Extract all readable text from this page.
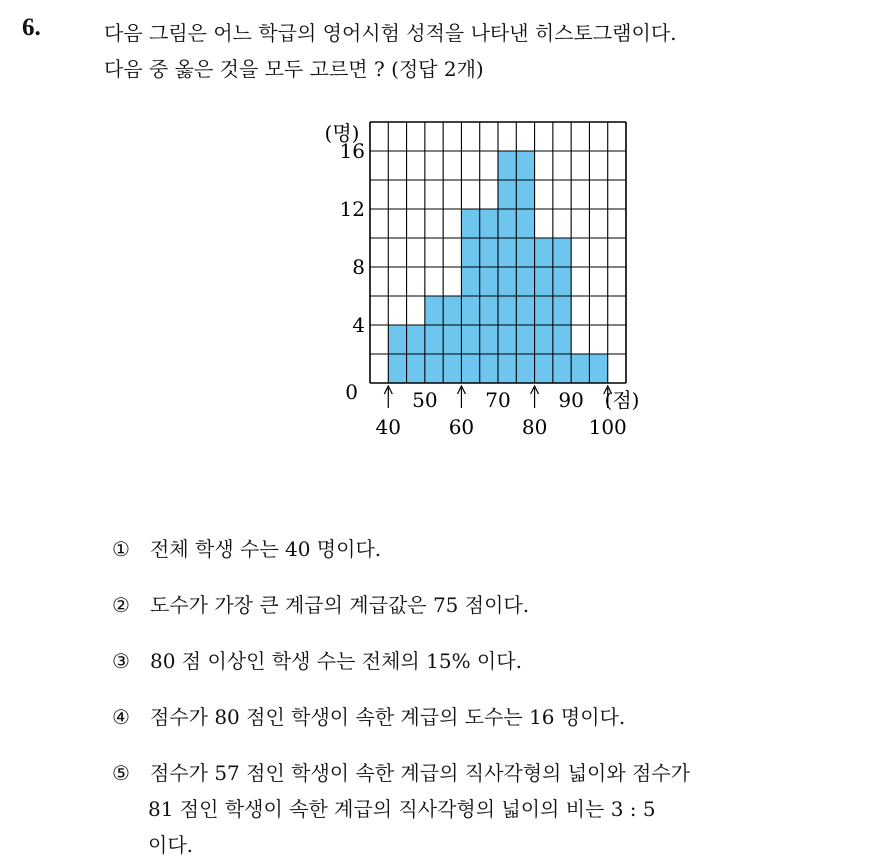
6.	다음 그림은 어느 학급의 영어시험 성적을 나타낸 히스토그램이다.
다음 중 옳은 것을 모두 고르면 ? (정답 2개)
0
4
8
12
16
40 60 80 100
50 70 90
(명)
(점)
① 전체 학생 수는 40 명이다.
② 도수가 가장 큰 계급의 계급값은 75 점이다.
③ 80 점 이상인 학생 수는 전체의 15% 이다.
④ 점수가 80 점인 학생이 속한 계급의 도수는 16 명이다.
⑤ 점수가 57 점인 학생이 속한 계급의 직사각형의 넓이와 점수가
81 점인 학생이 속한 계급의 직사각형의 넓이의 비는 3 : 5
이다.
